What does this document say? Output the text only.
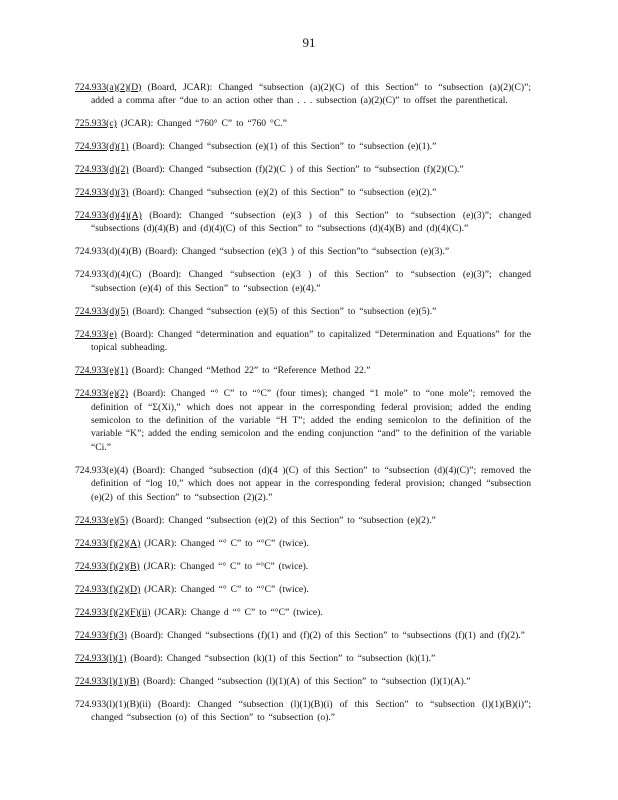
91

724.933(a)(2)(D) (Board, JCAR): Changed “subsection (a)(2)(C) of this Section” to “subsection (a)(2)(C)”; added a comma after “due to an action other than . . . subsection (a)(2)(C)” to offset the parenthetical.

725.933(c) (JCAR): Changed “760° C” to “760 °C.”

724.933(d)(1) (Board): Changed “subsection (e)(1) of this Section” to “subsection (e)(1).”

724.933(d)(2) (Board): Changed “subsection (f)(2)(C ) of this Section” to “subsection (f)(2)(C).”

724.933(d)(3) (Board): Changed “subsection (e)(2) of this Section” to “subsection (e)(2).”

724.933(d)(4)(A) (Board): Changed “subsection (e)(3 ) of this Section” to “subsection (e)(3)”; changed “subsections (d)(4)(B) and (d)(4)(C) of this Section” to “subsections (d)(4)(B) and (d)(4)(C).”

724.933(d)(4)(B) (Board): Changed “subsection (e)(3 ) of this Section”to “subsection (e)(3).”

724.933(d)(4)(C) (Board): Changed “subsection (e)(3 ) of this Section” to “subsection (e)(3)”; changed “subsection (e)(4) of this Section” to “subsection (e)(4).”

724.933(d)(5) (Board): Changed “subsection (e)(5) of this Section” to “subsection (e)(5).”

724.933(e) (Board): Changed “determination and equation” to capitalized “Determination and Equations” for the topical subheading.

724.933(e)(1) (Board): Changed “Method 22” to “Reference Method 22.”

724.933(e)(2) (Board): Changed “° C” to “°C” (four times); changed “1 mole” to “one mole”; removed the definition of “Σ(Xi),” which does not appear in the corresponding federal provision; added the ending semicolon to the definition of the variable “H T”; added the ending semicolon to the definition of the variable “K”; added the ending semicolon and the ending conjunction “and” to the definition of the variable “Ci.”

724.933(e)(4) (Board): Changed “subsection (d)(4 )(C) of this Section” to “subsection (d)(4)(C)”; removed the definition of “log 10,” which does not appear in the corresponding federal provision; changed “subsection (e)(2) of this Section” to “subsection (2)(2).”

724.933(e)(5) (Board): Changed “subsection (e)(2) of this Section” to “subsection (e)(2).”

724.933(f)(2)(A) (JCAR): Changed “° C” to “°C” (twice).

724.933(f)(2)(B) (JCAR): Changed “° C” to “°C” (twice).

724.933(f)(2)(D) (JCAR): Changed “° C” to “°C” (twice).

724.933(f)(2)(F)(ii) (JCAR): Change d “° C” to “°C” (twice).

724.933(f)(3) (Board): Changed “subsections (f)(1) and (f)(2) of this Section” to “subsections (f)(1) and (f)(2).”

724.933(l)(1) (Board): Changed “subsection (k)(1) of this Section” to “subsection (k)(1).”

724.933(l)(1)(B) (Board): Changed “subsection (l)(1)(A) of this Section” to “subsection (l)(1)(A).”

724.933(l)(1)(B)(ii) (Board): Changed “subsection (l)(1)(B)(i) of this Section” to “subsection (l)(1)(B)(i)”; changed “subsection (o) of this Section” to “subsection (o).”
